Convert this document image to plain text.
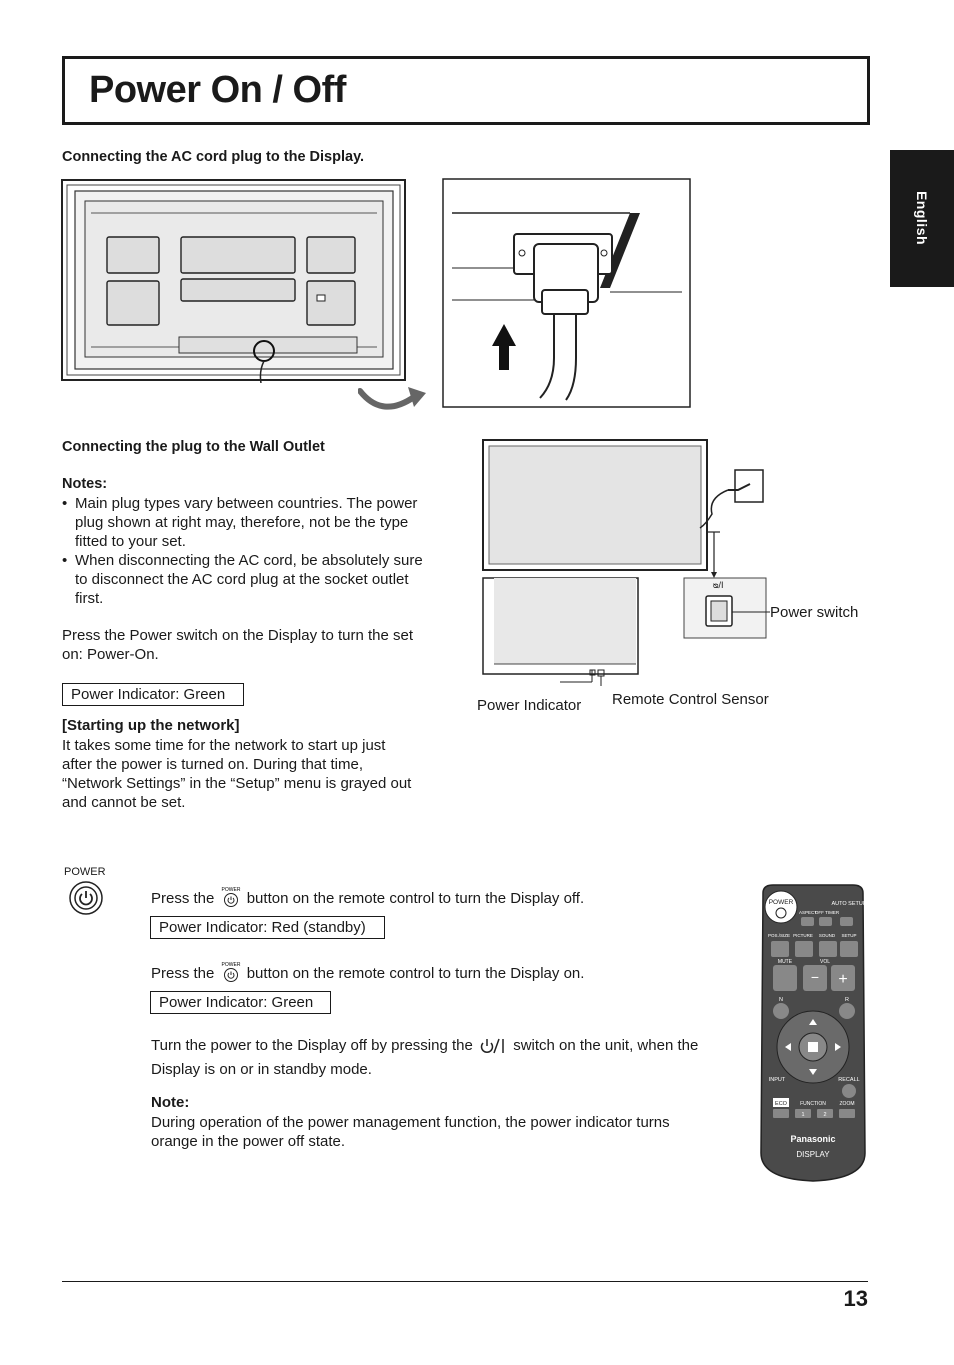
Power On / Off
English
Connecting the AC cord plug to the Display.
Connecting the plug to the Wall Outlet
Notes:
• Main plug types vary between countries. The power plug shown at right may, therefore, not be the type fitted to your set.
• When disconnecting the AC cord, be absolutely sure to disconnect the AC cord plug at the socket outlet first.
Press the Power switch on the Display to turn the set on: Power-On.
Power Indicator: Green
[Starting up the network]
It takes some time for the network to start up just after the power is turned on. During that time, “Network Settings” in the “Setup” menu is grayed out and cannot be set.
ᴓ/I
Power switch
Power Indicator Remote Control Sensor
POWER
Press the POWER button on the remote control to turn the Display off.
Power Indicator: Red (standby)
Press the POWER button on the remote control to turn the Display on.
Power Indicator: Green
Turn the power to the Display off by pressing the	switch on the unit, when the Display is on or in standby mode.
Note:
During operation of the power management function, the power indicator turns orange in the power off state.
POWER	AUTO SETUP
ASPECT
OFF TIMER
POS./SIZE PICTURE SOUND SETUP
MUTE	VOL
− +
N	R
INPUT	RECALL
ECO	FUNCTION	ZOOM
1	2
Panasonic
DISPLAY
13
